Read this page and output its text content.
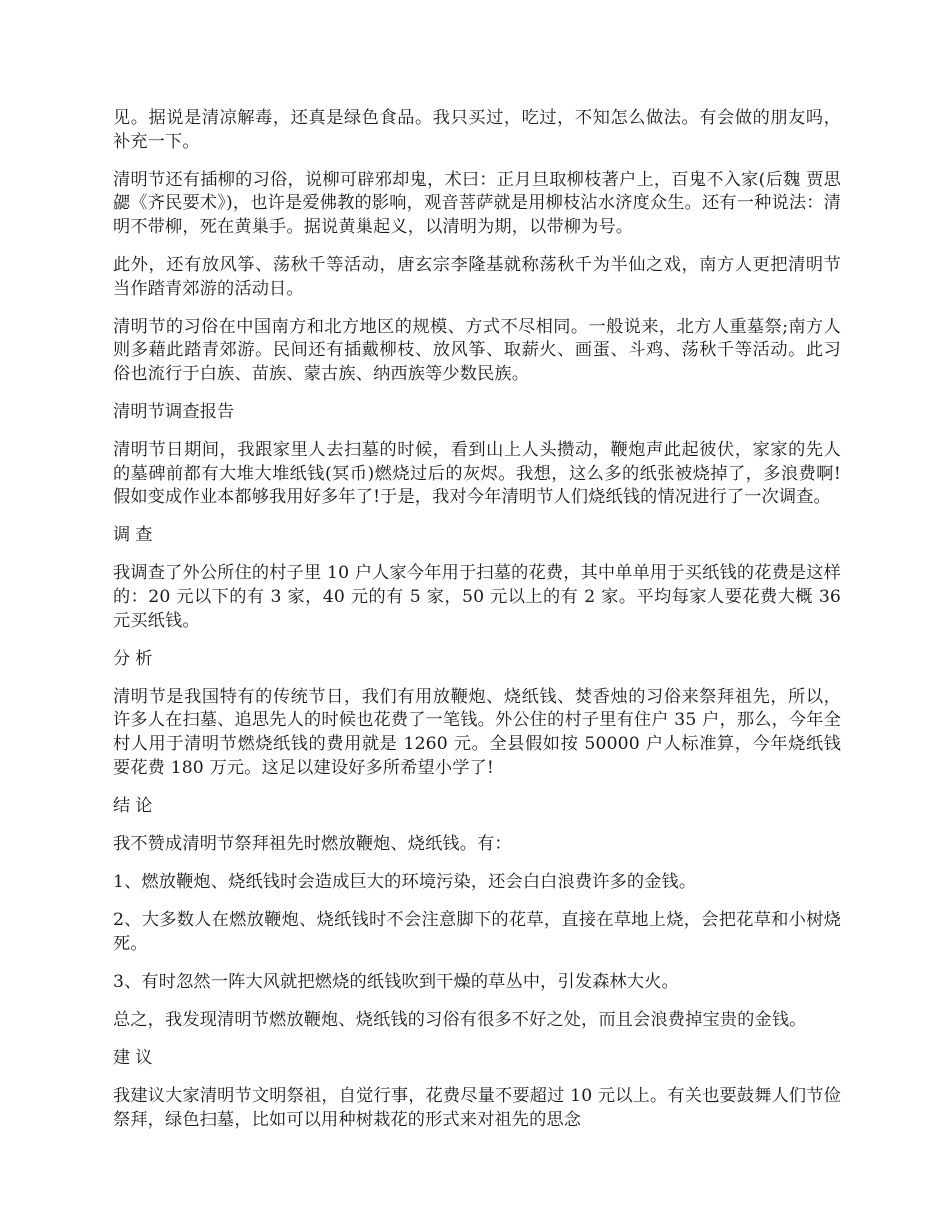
见。据说是清凉解毒，还真是绿色食品。我只买过，吃过，不知怎么做法。有会做的朋友吗，补充一下。

清明节还有插柳的习俗，说柳可辟邪却鬼，术曰：正月旦取柳枝著户上，百鬼不入家(后魏 贾思勰《齐民要术》)，也许是爱佛教的影响，观音菩萨就是用柳枝沾水济度众生。还有一种说法：清明不带柳，死在黄巢手。据说黄巢起义，以清明为期，以带柳为号。

此外，还有放风筝、荡秋千等活动，唐玄宗李隆基就称荡秋千为半仙之戏，南方人更把清明节当作踏青郊游的活动日。

清明节的习俗在中国南方和北方地区的规模、方式不尽相同。一般说来，北方人重墓祭;南方人则多藉此踏青郊游。民间还有插戴柳枝、放风筝、取薪火、画蛋、斗鸡、荡秋千等活动。此习俗也流行于白族、苗族、蒙古族、纳西族等少数民族。

清明节调查报告

清明节日期间，我跟家里人去扫墓的时候，看到山上人头攒动，鞭炮声此起彼伏，家家的先人的墓碑前都有大堆大堆纸钱(冥币)燃烧过后的灰烬。我想，这么多的纸张被烧掉了，多浪费啊!假如变成作业本都够我用好多年了!于是，我对今年清明节人们烧纸钱的情况进行了一次调查。

调查

我调查了外公所住的村子里 10 户人家今年用于扫墓的花费，其中单单用于买纸钱的花费是这样的：20 元以下的有 3 家，40 元的有 5 家，50 元以上的有 2 家。平均每家人要花费大概 36 元买纸钱。

分析

清明节是我国特有的传统节日，我们有用放鞭炮、烧纸钱、焚香烛的习俗来祭拜祖先，所以，许多人在扫墓、追思先人的时候也花费了一笔钱。外公住的村子里有住户 35 户，那么，今年全村人用于清明节燃烧纸钱的费用就是 1260 元。全县假如按 50000 户人标准算，今年烧纸钱要花费 180 万元。这足以建设好多所希望小学了!

结论

我不赞成清明节祭拜祖先时燃放鞭炮、烧纸钱。有：

1、燃放鞭炮、烧纸钱时会造成巨大的环境污染，还会白白浪费许多的金钱。

2、大多数人在燃放鞭炮、烧纸钱时不会注意脚下的花草，直接在草地上烧，会把花草和小树烧死。

3、有时忽然一阵大风就把燃烧的纸钱吹到干燥的草丛中，引发森林大火。

总之，我发现清明节燃放鞭炮、烧纸钱的习俗有很多不好之处，而且会浪费掉宝贵的金钱。

建议

我建议大家清明节文明祭祖，自觉行事，花费尽量不要超过 10 元以上。有关也要鼓舞人们节俭祭拜，绿色扫墓，比如可以用种树栽花的形式来对祖先的思念
